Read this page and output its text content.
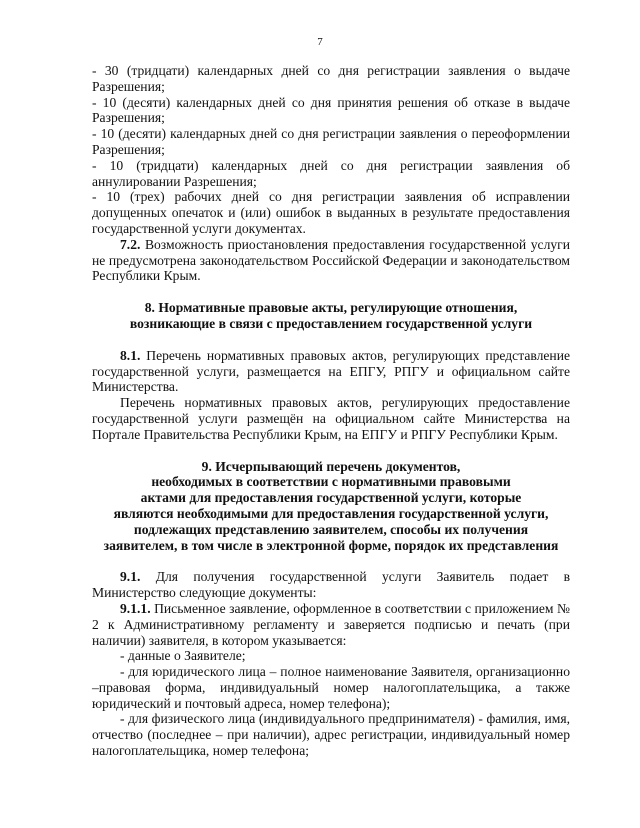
7

- 30 (тридцати) календарных дней со дня регистрации заявления о выдаче Разрешения;

- 10 (десяти) календарных дней со дня принятия решения об отказе в выдаче Разрешения;

- 10 (десяти) календарных дней со дня регистрации заявления о переоформлении Разрешения;

- 10 (тридцати) календарных дней со дня регистрации заявления об аннулировании Разрешения;

- 10 (трех) рабочих дней со дня регистрации заявления об исправлении допущенных опечаток и (или) ошибок в выданных в результате предоставления государственной услуги документах.

7.2. Возможность приостановления предоставления государственной услуги не предусмотрена законодательством Российской Федерации и законодательством Республики Крым.

8. Нормативные правовые акты, регулирующие отношения,
возникающие в связи с предоставлением государственной услуги

8.1. Перечень нормативных правовых актов, регулирующих представление государственной услуги, размещается на ЕПГУ, РПГУ и официальном сайте Министерства.

Перечень нормативных правовых актов, регулирующих предоставление государственной услуги размещён на официальном сайте Министерства на Портале Правительства Республики Крым, на ЕПГУ и РПГУ Республики Крым.

9. Исчерпывающий перечень документов,
необходимых в соответствии с нормативными правовыми
актами для предоставления государственной услуги, которые
являются необходимыми для предоставления государственной услуги,
подлежащих представлению заявителем, способы их получения
заявителем, в том числе в электронной форме, порядок их представления

9.1. Для получения государственной услуги Заявитель подает в Министерство следующие документы:

9.1.1. Письменное заявление, оформленное в соответствии с приложением № 2 к Административному регламенту и заверяется подписью и печать (при наличии) заявителя, в котором указывается:

- данные о Заявителе;

- для юридического лица – полное наименование Заявителя, организационно –правовая форма, индивидуальный номер налогоплательщика, а также юридический и почтовый адреса, номер телефона);

- для физического лица (индивидуального предпринимателя) - фамилия, имя, отчество (последнее – при наличии), адрес регистрации, индивидуальный номер налогоплательщика, номер телефона;
